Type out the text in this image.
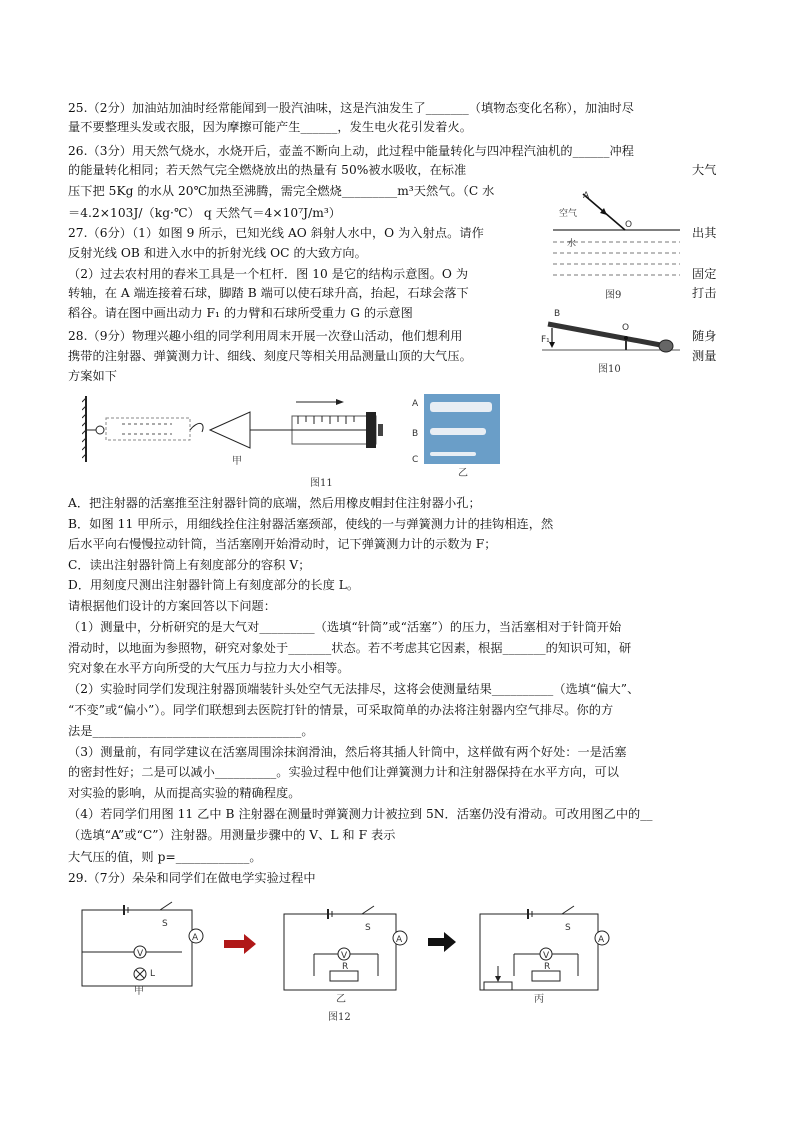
25.（2分）加油站加油时经常能闻到一股汽油味，这是汽油发生了_______（填物态变化名称），加油时尽
量不要整理头发或衣服，因为摩擦可能产生______，发生电火花引发着火。
26.（3分）用天然气烧水，水烧开后，壶盖不断向上动，此过程中能量转化与四冲程汽油机的______冲程
的能量转化相同；若天然气完全燃烧放出的热量有 50%被水吸收，在标准
压下把 5Kg 的水从 20℃加热至沸腾，需完全燃烧_________m³天然气。（C 水
＝4.2×103J/（kg·℃） q 天然气＝4×10⁷J/m³）
27.（6分）（1）如图 9 所示，已知光线 AO 斜射人水中，O 为入射点。请作
反射光线 OB 和进入水中的折射光线 OC 的大致方向。
（2）过去农村用的舂米工具是一个杠杆．图 10 是它的结构示意图。O 为
转轴，在 A 端连接着石球，脚踏 B 端可以使石球升高，抬起，石球会落下
稻谷。请在图中画出动力 F₁ 的力臂和石球所受重力 G 的示意图
28.（9分）物理兴趣小组的同学利用周末开展一次登山活动，他们想利用
携带的注射器、弹簧测力计、细线、刻度尺等相关用品测量山顶的大气压。
方案如下
A．把注射器的活塞推至注射器针筒的底端，然后用橡皮帽封住注射器小孔；
B．如图 11 甲所示，用细线拴住注射器活塞颈部，使线的一与弹簧测力计的挂钩相连，然
后水平向右慢慢拉动针筒，当活塞刚开始滑动时，记下弹簧测力计的示数为 F；
C．读出注射器针筒上有刻度部分的容积 V；
D．用刻度尺测出注射器针筒上有刻度部分的长度 L。
请根据他们设计的方案回答以下问题：
（1）测量中，分析研究的是大气对_________（选填“针筒”或“活塞”）的压力，当活塞相对于针筒开始
滑动时，以地面为参照物，研究对象处于_______状态。若不考虑其它因素，根据_______的知识可知，研
究对象在水平方向所受的大气压力与拉力大小相等。
（2）实验时同学们发现注射器顶端装针头处空气无法排尽，这将会使测量结果__________（选填“偏大”、
“不变”或“偏小”）。同学们联想到去医院打针的情景，可采取简单的办法将注射器内空气排尽。你的方
法是__________________________________。
（3）测量前，有同学建议在活塞周围涂抹润滑油，然后将其插人针筒中，这样做有两个好处：一是活塞
的密封性好；二是可以减小__________。实验过程中他们让弹簧测力计和注射器保持在水平方向，可以
对实验的影响，从而提高实验的精确程度。
（4）若同学们用图 11 乙中 B 注射器在测量时弹簧测力计被拉到 5N．活塞仍没有滑动。可改用图乙中的__
（选填“A”或“C”）注射器。用测量步骤中的 V、L 和 F 表示
大气压的值，则 p=____________。
29.（7分）朵朵和同学们在做电学实验过程中
大气
出其
固定
打击
随身
测量
A
O
空气
水
图9
B
O
F₁
图10
甲
图11
A
B
C
乙
S
A
V
L
甲
S
A
V
R
乙
S
A
V
R
丙
图12
